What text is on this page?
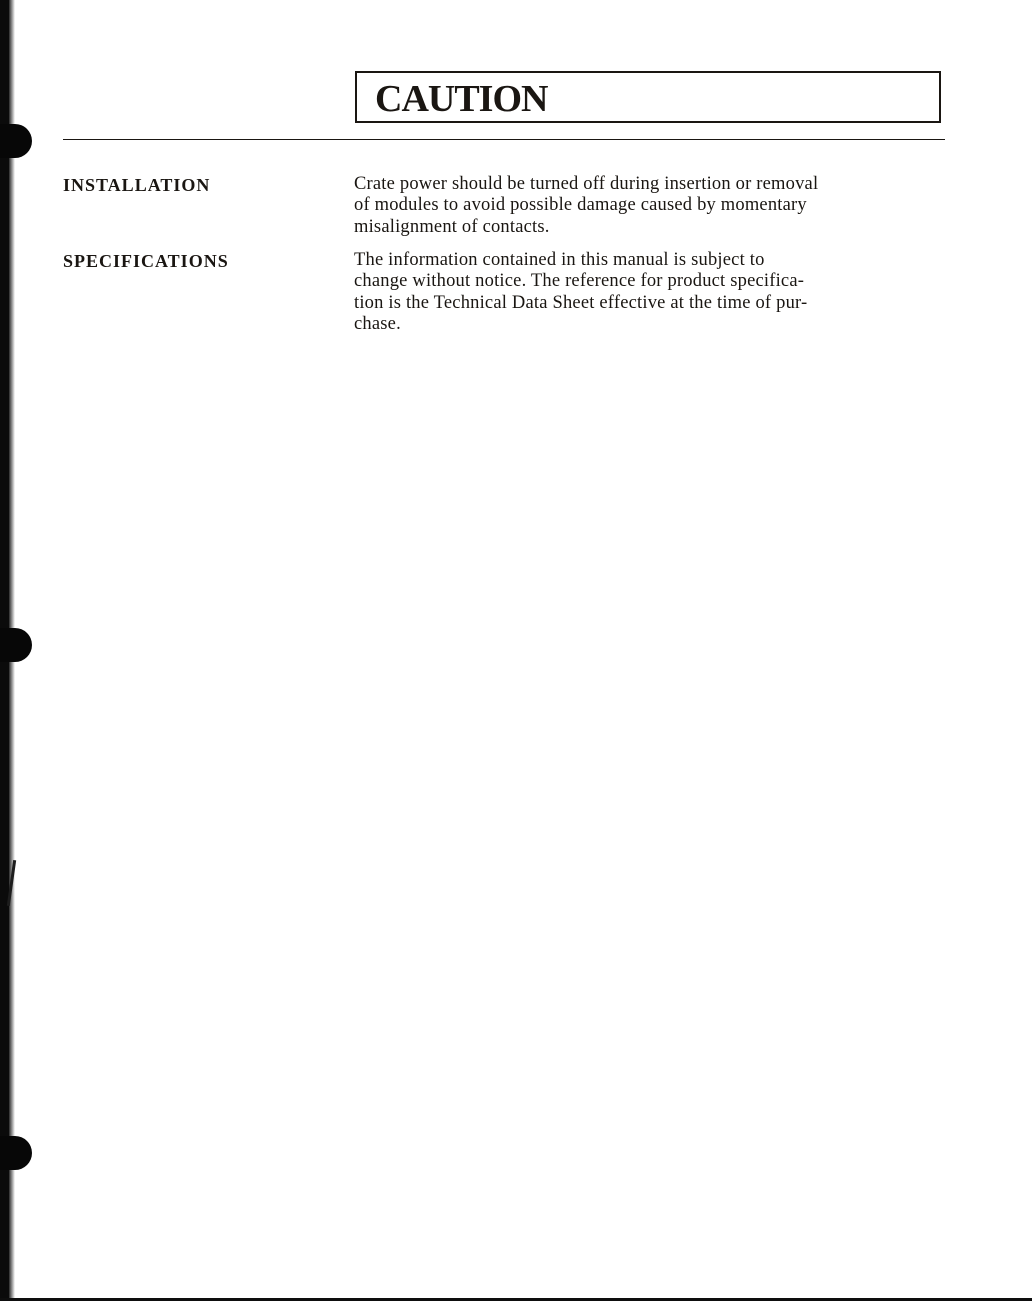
CAUTION
INSTALLATION	Crate power should be turned off during insertion or removal
of modules to avoid possible damage caused by momentary
misalignment of contacts.

SPECIFICATIONS	The information contained in this manual is subject to
change without notice. The reference for product specifica-
tion is the Technical Data Sheet effective at the time of pur-
chase.
